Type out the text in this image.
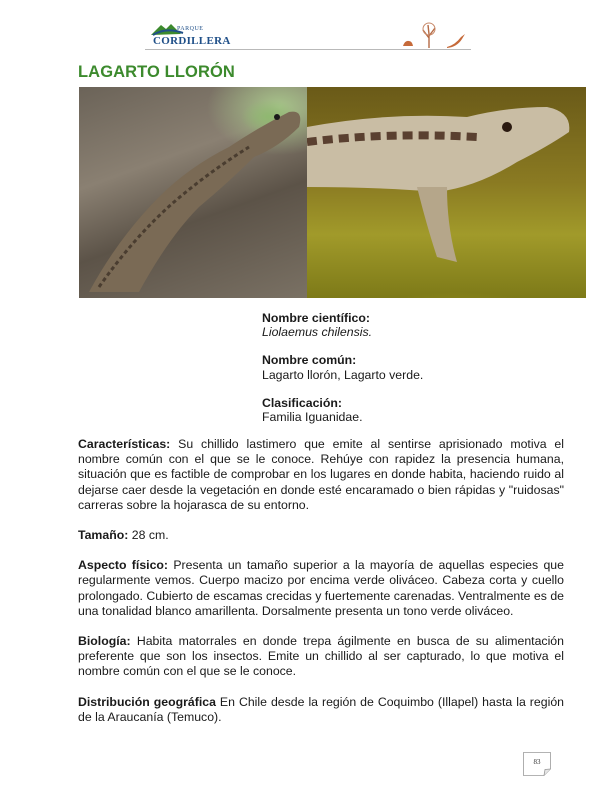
PARQUE
CORDILLERA
LAGARTO LLORÓN
Nombre científico:
Liolaemus chilensis.
Nombre común:
Lagarto llorón, Lagarto verde.
Clasificación:
Familia Iguanidae.

Características: Su chillido lastimero que emite al sentirse aprisionado motiva el nombre común con el que se le conoce. Rehúye con rapidez la presencia humana, situación que es factible de comprobar en los lugares en donde habita, haciendo ruido al dejarse caer desde la vegetación en donde esté encaramado o bien rápidas y "ruidosas" carreras sobre la hojarasca de su entorno.

Tamaño: 28 cm.

Aspecto físico: Presenta un tamaño superior a la mayoría de aquellas especies que regularmente vemos. Cuerpo macizo por encima verde oliváceo. Cabeza corta y cuello prolongado. Cubierto de escamas crecidas y fuertemente carenadas. Ventralmente es de una tonalidad blanco amarillenta. Dorsalmente presenta un tono verde oliváceo.

Biología: Habita matorrales en donde trepa ágilmente en busca de su alimentación preferente que son los insectos. Emite un chillido al ser capturado, lo que motiva el nombre común con el que se le conoce.

Distribución geográfica En Chile desde la región de Coquimbo (Illapel) hasta la región de la Araucanía (Temuco).

83
